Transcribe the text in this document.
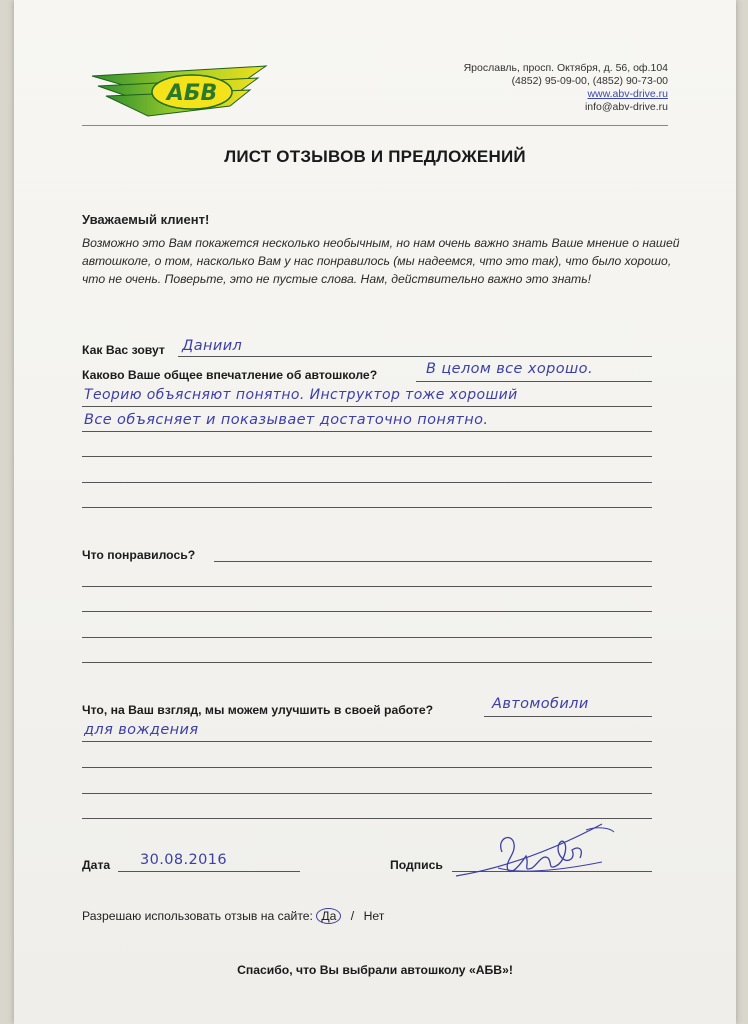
АБВ
Ярославль, просп. Октября, д. 56, оф.104
(4852) 95-09-00, (4852) 90-73-00
www.abv-drive.ru
info@abv-drive.ru
ЛИСТ ОТЗЫВОВ И ПРЕДЛОЖЕНИЙ
Уважаемый клиент!
Возможно это Вам покажется несколько необычным, но нам очень важно знать Ваше мнение о нашей автошколе, о том, насколько Вам у нас понравилось (мы надеемся, что это так), что было хорошо, что не очень. Поверьте, это не пустые слова. Нам, действительно важно это знать!
Как Вас зовут Даниил
Каково Ваше общее впечатление об автошколе?	В целом все хорошо.
Теорию объясняют понятно. Инструктор тоже хороший
Все объясняет и показывает достаточно понятно.
Что понравилось?
Что, на Ваш взгляд, мы можем улучшить в своей работе?	Автомобили
для вождения
Дата 30.08.2016	Подпись
Разрешаю использовать отзыв на сайте: Да / Нет
Спасибо, что Вы выбрали автошколу «АБВ»!
